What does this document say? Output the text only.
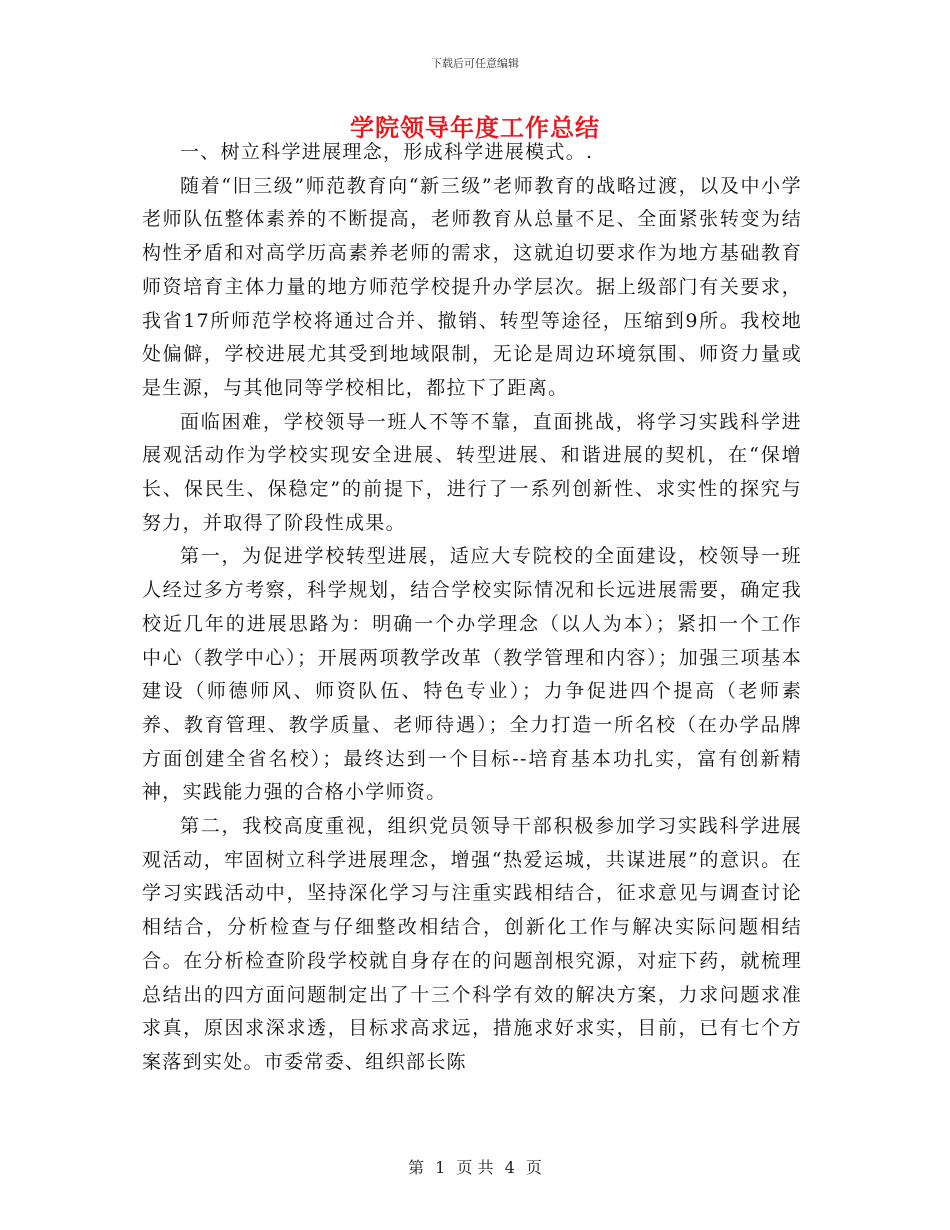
下载后可任意编辑
学院领导年度工作总结

一、树立科学进展理念，形成科学进展模式。.

随着“旧三级”师范教育向“新三级”老师教育的战略过渡，以及中小学老师队伍整体素养的不断提高，老师教育从总量不足、全面紧张转变为结构性矛盾和对高学历高素养老师的需求，这就迫切要求作为地方基础教育师资培育主体力量的地方师范学校提升办学层次。据上级部门有关要求，我省17所师范学校将通过合并、撤销、转型等途径，压缩到9所。我校地处偏僻，学校进展尤其受到地域限制，无论是周边环境氛围、师资力量或是生源，与其他同等学校相比，都拉下了距离。

面临困难，学校领导一班人不等不靠，直面挑战，将学习实践科学进展观活动作为学校实现安全进展、转型进展、和谐进展的契机，在“保增长、保民生、保稳定”的前提下，进行了一系列创新性、求实性的探究与努力，并取得了阶段性成果。

第一，为促进学校转型进展，适应大专院校的全面建设，校领导一班人经过多方考察，科学规划，结合学校实际情况和长远进展需要，确定我校近几年的进展思路为：明确一个办学理念（以人为本）；紧扣一个工作中心（教学中心）；开展两项教学改革（教学管理和内容）；加强三项基本建设（师德师风、师资队伍、特色专业）；力争促进四个提高（老师素养、教育管理、教学质量、老师待遇）；全力打造一所名校（在办学品牌方面创建全省名校）；最终达到一个目标--培育基本功扎实，富有创新精神，实践能力强的合格小学师资。

第二，我校高度重视，组织党员领导干部积极参加学习实践科学进展观活动，牢固树立科学进展理念，增强“热爱运城，共谋进展”的意识。在学习实践活动中，坚持深化学习与注重实践相结合，征求意见与调查讨论相结合，分析检查与仔细整改相结合，创新化工作与解决实际问题相结合。在分析检查阶段学校就自身存在的问题剖根究源，对症下药，就梳理总结出的四方面问题制定出了十三个科学有效的解决方案，力求问题求准求真，原因求深求透，目标求高求远，措施求好求实，目前，已有七个方案落到实处。市委常委、组织部长陈

第 1 页 共 4 页
